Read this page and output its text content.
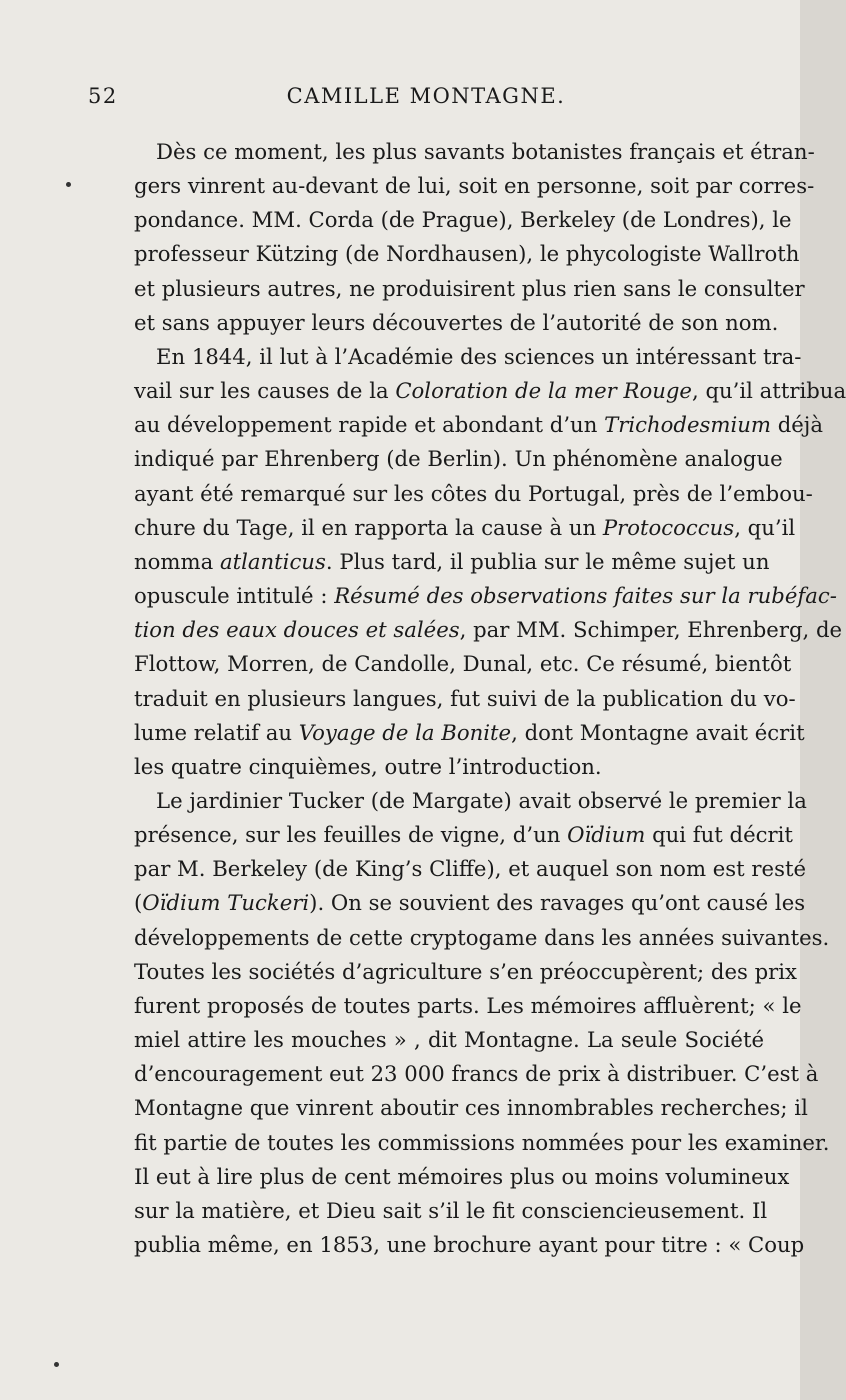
52	CAMILLE MONTAGNE.
Dès ce moment, les plus savants botanistes français et étran-
gers vinrent au-devant de lui, soit en personne, soit par corres-
pondance. MM. Corda (de Prague), Berkeley (de Londres), le
professeur Kützing (de Nordhausen), le phycologiste Wallroth
et plusieurs autres, ne produisirent plus rien sans le consulter
et sans appuyer leurs découvertes de l’autorité de son nom.
En 1844, il lut à l’Académie des sciences un intéressant tra-
vail sur les causes de la Coloration de la mer Rouge, qu’il attribua
au développement rapide et abondant d’un Trichodesmium déjà
indiqué par Ehrenberg (de Berlin). Un phénomène analogue
ayant été remarqué sur les côtes du Portugal, près de l’embou-
chure du Tage, il en rapporta la cause à un Protococcus, qu’il
nomma atlanticus. Plus tard, il publia sur le même sujet un
opuscule intitulé : Résumé des observations faites sur la rubéfac-
tion des eaux douces et salées, par MM. Schimper, Ehrenberg, de
Flottow, Morren, de Candolle, Dunal, etc. Ce résumé, bientôt
traduit en plusieurs langues, fut suivi de la publication du vo-
lume relatif au Voyage de la Bonite, dont Montagne avait écrit
les quatre cinquièmes, outre l’introduction.
Le jardinier Tucker (de Margate) avait observé le premier la
présence, sur les feuilles de vigne, d’un Oïdium qui fut décrit
par M. Berkeley (de King’s Cliffe), et auquel son nom est resté
(Oïdium Tuckeri). On se souvient des ravages qu’ont causé les
développements de cette cryptogame dans les années suivantes.
Toutes les sociétés d’agriculture s’en préoccupèrent; des prix
furent proposés de toutes parts. Les mémoires affluèrent; « le
miel attire les mouches » , dit Montagne. La seule Société
d’encouragement eut 23 000 francs de prix à distribuer. C’est à
Montagne que vinrent aboutir ces innombrables recherches; il
fit partie de toutes les commissions nommées pour les examiner.
Il eut à lire plus de cent mémoires plus ou moins volumineux
sur la matière, et Dieu sait s’il le fit consciencieusement. Il
publia même, en 1853, une brochure ayant pour titre : « Coup
